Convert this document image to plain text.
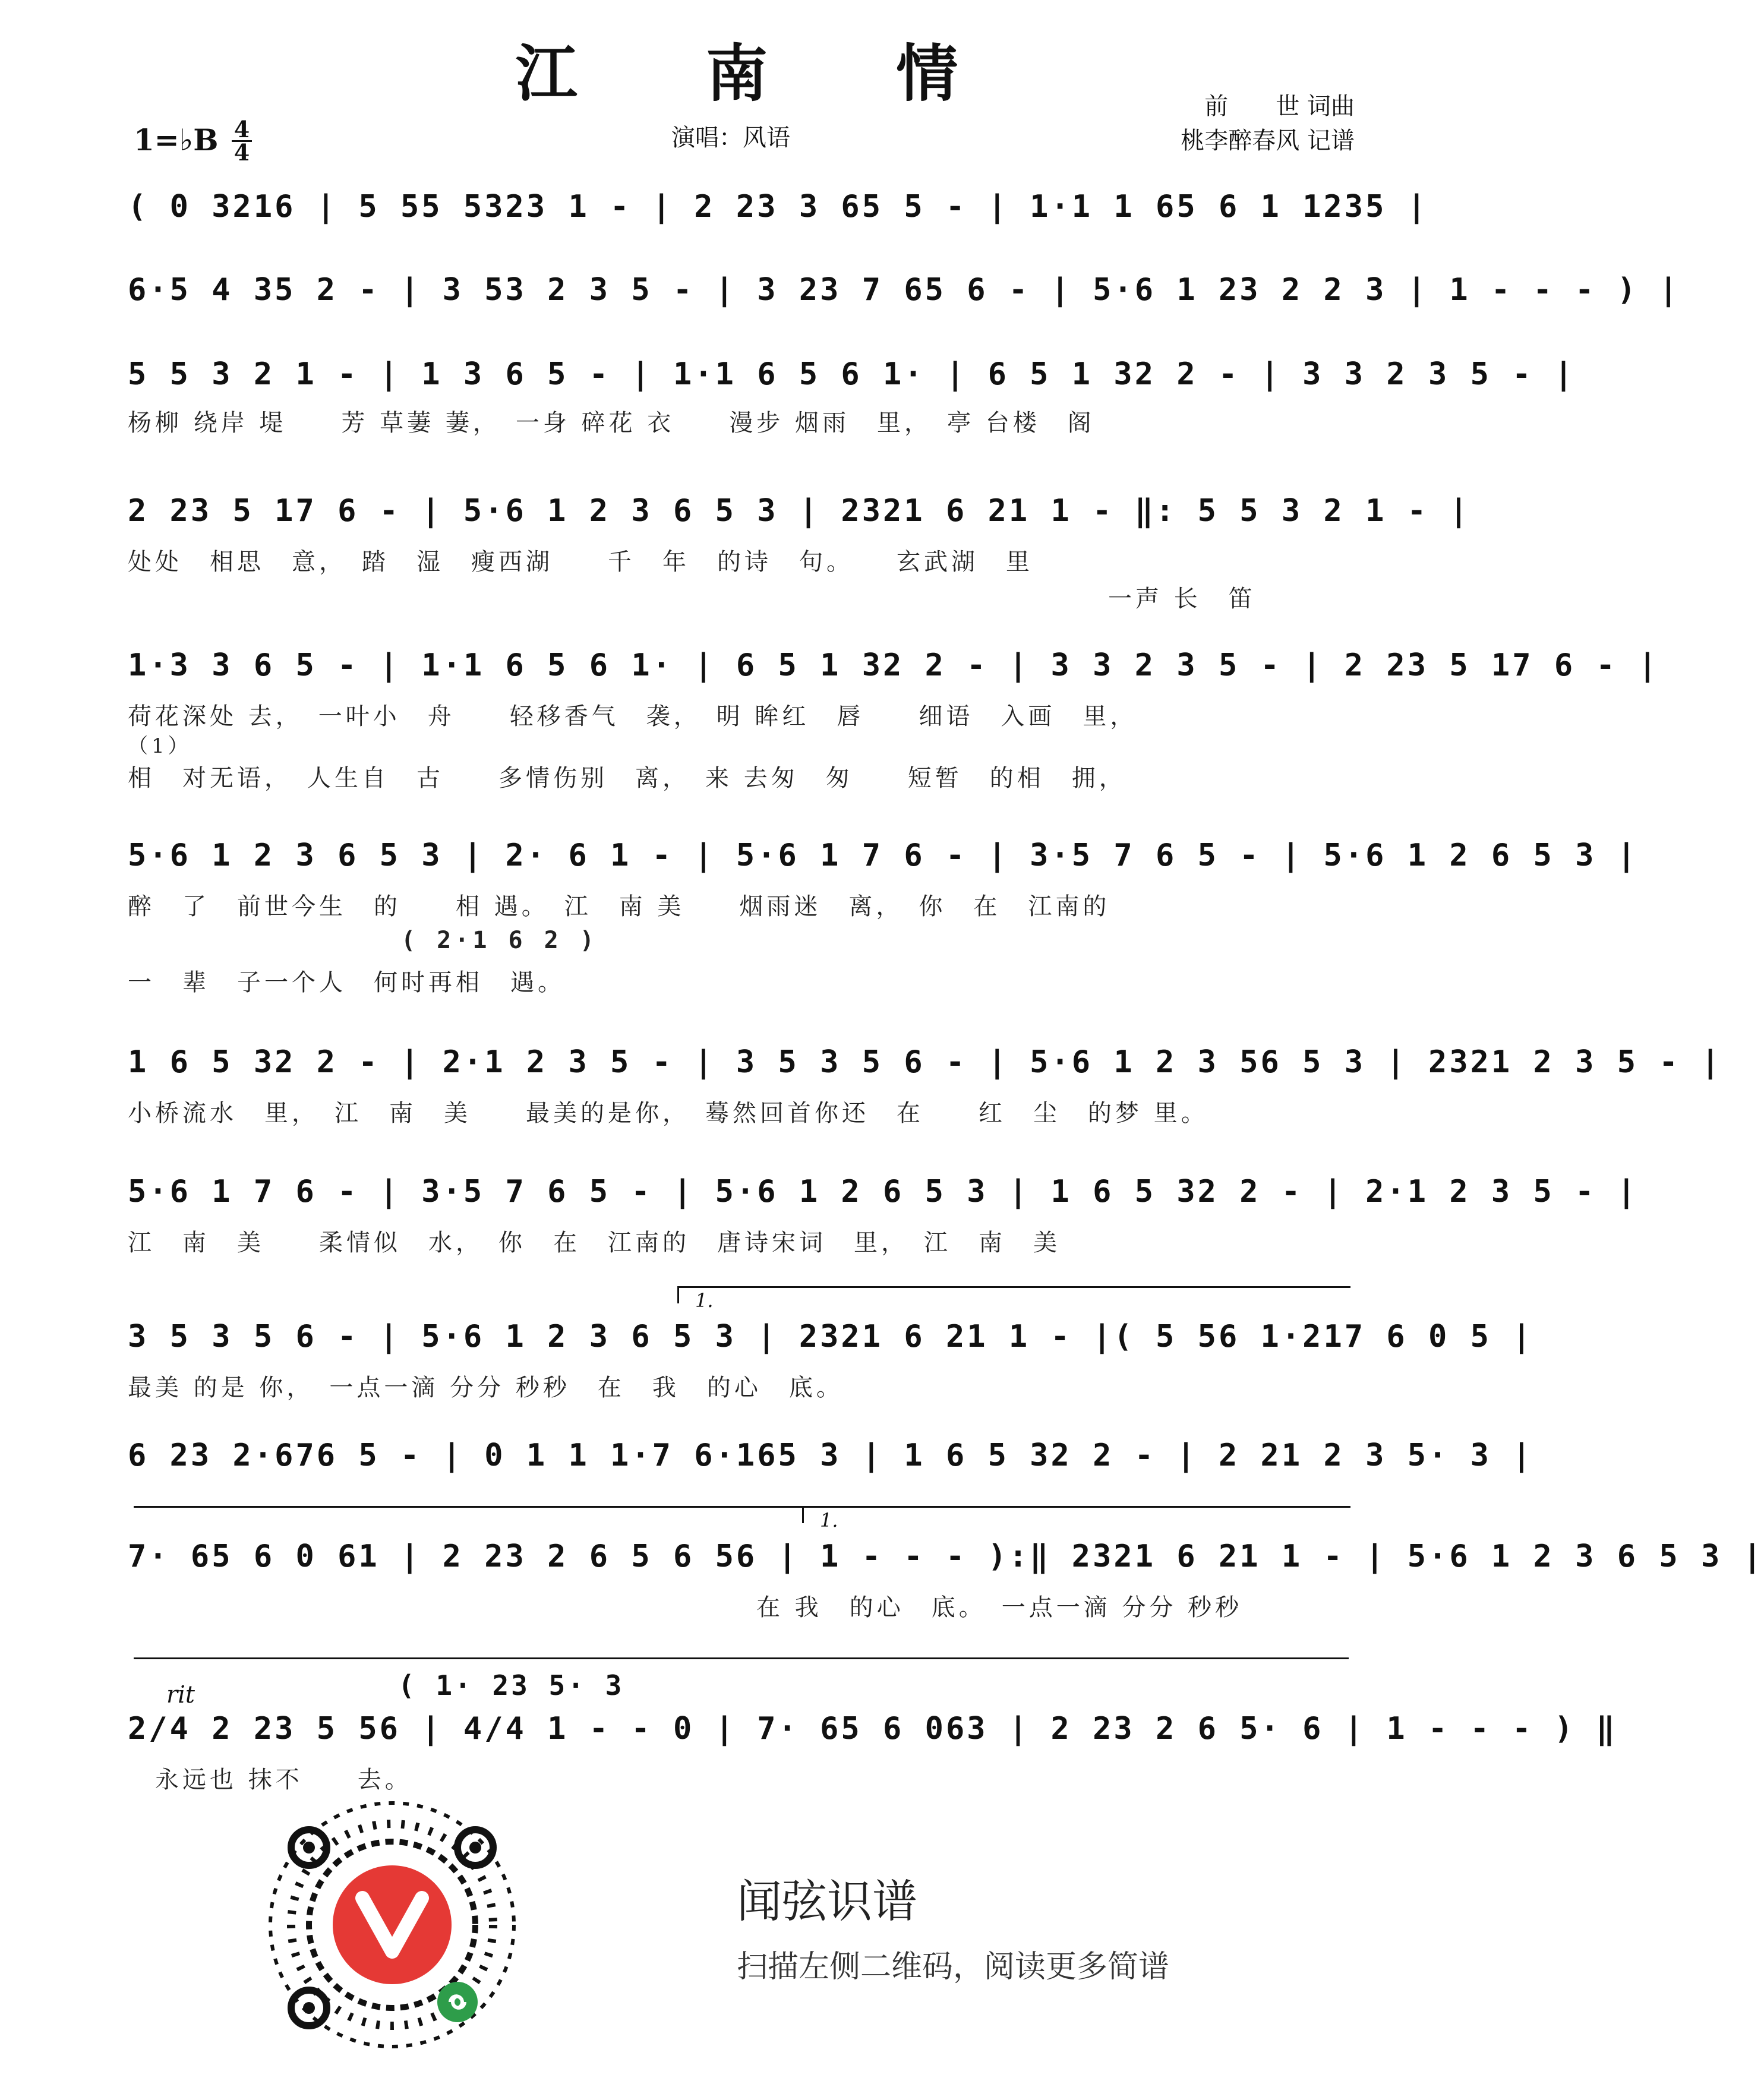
江 南 情	前　　世 词曲
桃李醉春风 记谱
演唱：风语
1=♭B 4
4
( 0 3216 | 5 55 5323 1 - | 2 23 3 65 5 - | 1·1 1 65 6 1 1235 |
6·5 4 35 2 - | 3 53 2 3 5 - | 3 23 7 65 6 - | 5·6 1 23 2 2 3 | 1 - - - ) |
5 5 3 2 1 - | 1 3 6 5 - | 1·1 6 5 6 1· | 6 5 1 32 2 - | 3 3 2 3 5 - |
杨柳 绕岸 堤　　芳 草萋 萋，　一身 碎花 衣　　漫步 烟雨　里，　亭 台楼　阁
2 23 5 17 6 - | 5·6 1 2 3 6 5 3 | 2321 6 21 1 - ‖: 5 5 3 2 1 - |
处处　相思　意，　踏　湿　瘦西湖　　千　年　的诗　句。　　玄武湖　里
一声 长　笛
1·3 3 6 5 - | 1·1 6 5 6 1· | 6 5 1 32 2 - | 3 3 2 3 5 - | 2 23 5 17 6 - |
荷花深处 去，　一叶小　舟　　轻移香气　袭，　明 眸红　唇　　细语　入画　里，
（1）
相　对无语，　人生自　古　　多情伤别　离，　来 去匆　匆　　短暂　的相　拥，
5·6 1 2 3 6 5 3 | 2· 6 1 - | 5·6 1 7 6 - | 3·5 7 6 5 - | 5·6 1 2 6 5 3 |
醉　了　前世今生　的　　相 遇。　江　南 美　　烟雨迷　离，　你　在　江南的
( 2·1 6 2 )
一　辈　子一个人　何时再相　遇。
1 6 5 32 2 - | 2·1 2 3 5 - | 3 5 3 5 6 - | 5·6 1 2 3 56 5 3 | 2321 2 3 5 - |
小桥流水　里，　江　南　美　　最美的是你，　蓦然回首你还　在　　红　尘　的梦 里。
5·6 1 7 6 - | 3·5 7 6 5 - | 5·6 1 2 6 5 3 | 1 6 5 32 2 - | 2·1 2 3 5 - |
江　南　美　　柔情似　水，　你　在　江南的　唐诗宋词　里，　江　南　美
1.
3 5 3 5 6 - | 5·6 1 2 3 6 5 3 | 2321 6 21 1 - |( 5 56 1·217 6 0 5 |
最美 的是 你，　一点一滴 分分 秒秒　在　我　的心　底。
6 23 2·676 5 - | 0 1 1 1·7 6·165 3 | 1 6 5 32 2 - | 2 21 2 3 5· 3 |
1.
7· 65 6 0 61 | 2 23 2 6 5 6 56 | 1 - - - ):‖ 2321 6 21 1 - | 5·6 1 2 3 6 5 3 |
　　　　　　　　　　　　　　　　　　　　　　　在 我　的心　底。　一点一滴 分分 秒秒
rit	( 1· 23 5· 3
2/4 2 23 5 56 | 4/4 1 - - 0 | 7· 65 6 063 | 2 23 2 6 5· 6 | 1 - - - ) ‖
　永远也 抹不　　去。
闻弦识谱
扫描左侧二维码，阅读更多简谱
